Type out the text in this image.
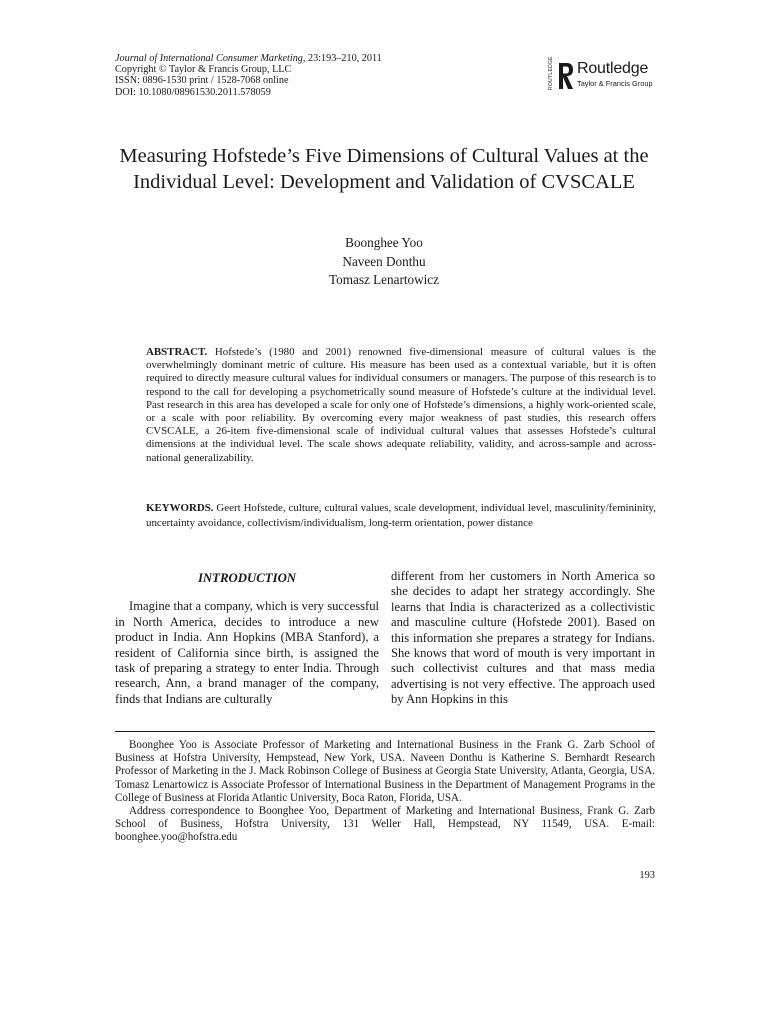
Journal of International Consumer Marketing, 23:193–210, 2011
Copyright © Taylor & Francis Group, LLC
ISSN: 0896-1530 print / 1528-7068 online
DOI: 10.1080/08961530.2011.578059
ROUTLEDGE Routledge
Taylor & Francis Group
Measuring Hofstede’s Five Dimensions of Cultural Values at the Individual Level: Development and Validation of CVSCALE
Boonghee Yoo
Naveen Donthu
Tomasz Lenartowicz
ABSTRACT. Hofstede’s (1980 and 2001) renowned five-dimensional measure of cultural values is the overwhelmingly dominant metric of culture. His measure has been used as a contextual variable, but it is often required to directly measure cultural values for individual consumers or managers. The purpose of this research is to respond to the call for developing a psychometrically sound measure of Hofstede’s culture at the individual level. Past research in this area has developed a scale for only one of Hofstede’s dimensions, a highly work-oriented scale, or a scale with poor reliability. By overcoming every major weakness of past studies, this research offers CVSCALE, a 26-item five-dimensional scale of individual cultural values that assesses Hofstede’s cultural dimensions at the individual level. The scale shows adequate reliability, validity, and across-sample and across-national generalizability.
KEYWORDS. Geert Hofstede, culture, cultural values, scale development, individual level, masculinity/femininity, uncertainty avoidance, collectivism/individualism, long-term orientation, power distance

INTRODUCTION

Imagine that a company, which is very successful in North America, decides to introduce a new product in India. Ann Hopkins (MBA Stanford), a resident of California since birth, is assigned the task of preparing a strategy to enter India. Through research, Ann, a brand manager of the company, finds that Indians are culturally

different from her customers in North America so she decides to adapt her strategy accordingly. She learns that India is characterized as a collectivistic and masculine culture (Hofstede 2001). Based on this information she prepares a strategy for Indians. She knows that word of mouth is very important in such collectivist cultures and that mass media advertising is not very effective. The approach used by Ann Hopkins in this

Boonghee Yoo is Associate Professor of Marketing and International Business in the Frank G. Zarb School of Business at Hofstra University, Hempstead, New York, USA. Naveen Donthu is Katherine S. Bernhardt Research Professor of Marketing in the J. Mack Robinson College of Business at Georgia State University, Atlanta, Georgia, USA. Tomasz Lenartowicz is Associate Professor of International Business in the Department of Management Programs in the College of Business at Florida Atlantic University, Boca Raton, Florida, USA.

Address correspondence to Boonghee Yoo, Department of Marketing and International Business, Frank G. Zarb School of Business, Hofstra University, 131 Weller Hall, Hempstead, NY 11549, USA. E-mail: boonghee.yoo@hofstra.edu

193
